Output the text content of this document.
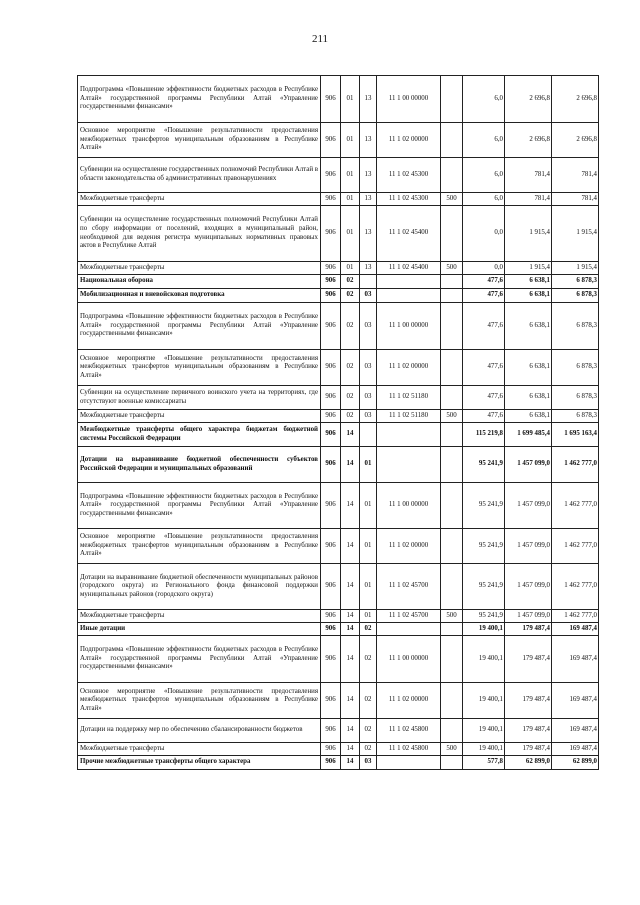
211
Подпрограмма «Повышение эффективности бюджетных расходов в Республике Алтай» государственной программы Республики Алтай «Управление государственными финансами»	906	01	13	11 1 00 00000		6,0	2 696,8	2 696,8
Основное мероприятие «Повышение результативности предоставления межбюджетных трансфертов муниципальным образованиям в Республике Алтай»	906	01	13	11 1 02 00000		6,0	2 696,8	2 696,8
Субвенции на осуществление государственных полномочий Республики Алтай в области законодательства об административных правонарушениях	906	01	13	11 1 02 45300		6,0	781,4	781,4
Межбюджетные трансферты	906	01	13	11 1 02 45300	500	6,0	781,4	781,4
Субвенции на осуществление государственных полномочий Республики Алтай по сбору информации от поселений, входящих в муниципальный район, необходимой для ведения регистра муниципальных нормативных правовых актов в Республике Алтай	906	01	13	11 1 02 45400		0,0	1 915,4	1 915,4
Межбюджетные трансферты	906	01	13	11 1 02 45400	500	0,0	1 915,4	1 915,4
Национальная оборона	906	02				477,6	6 638,1	6 878,3
Мобилизационная и вневойсковая подготовка	906	02	03			477,6	6 638,1	6 878,3
Подпрограмма «Повышение эффективности бюджетных расходов в Республике Алтай» государственной программы Республики Алтай «Управление государственными финансами»	906	02	03	11 1 00 00000		477,6	6 638,1	6 878,3
Основное мероприятие «Повышение результативности предоставления межбюджетных трансфертов муниципальным образованиям в Республике Алтай»	906	02	03	11 1 02 00000		477,6	6 638,1	6 878,3
Субвенции на осуществление первичного воинского учета на территориях, где отсутствуют военные комиссариаты	906	02	03	11 1 02 51180		477,6	6 638,1	6 878,3
Межбюджетные трансферты	906	02	03	11 1 02 51180	500	477,6	6 638,1	6 878,3
Межбюджетные трансферты общего характера бюджетам бюджетной системы Российской Федерации	906	14				115 219,8	1 699 485,4	1 695 163,4
Дотации на выравнивание бюджетной обеспеченности субъектов Российской Федерации и муниципальных образований	906	14	01			95 241,9	1 457 099,0	1 462 777,0
Подпрограмма «Повышение эффективности бюджетных расходов в Республике Алтай» государственной программы Республики Алтай «Управление государственными финансами»	906	14	01	11 1 00 00000		95 241,9	1 457 099,0	1 462 777,0
Основное мероприятие «Повышение результативности предоставления межбюджетных трансфертов муниципальным образованиям в Республике Алтай»	906	14	01	11 1 02 00000		95 241,9	1 457 099,0	1 462 777,0
Дотации на выравнивание бюджетной обеспеченности муниципальных районов (городского округа) из Регионального фонда финансовой поддержки муниципальных районов (городского округа)	906	14	01	11 1 02 45700		95 241,9	1 457 099,0	1 462 777,0
Межбюджетные трансферты	906	14	01	11 1 02 45700	500	95 241,9	1 457 099,0	1 462 777,0
Иные дотации	906	14	02			19 400,1	179 487,4	169 487,4
Подпрограмма «Повышение эффективности бюджетных расходов в Республике Алтай» государственной программы Республики Алтай «Управление государственными финансами»	906	14	02	11 1 00 00000		19 400,1	179 487,4	169 487,4
Основное мероприятие «Повышение результативности предоставления межбюджетных трансфертов муниципальным образованиям в Республике Алтай»	906	14	02	11 1 02 00000		19 400,1	179 487,4	169 487,4
Дотации на поддержку мер по обеспечению сбалансированности бюджетов	906	14	02	11 1 02 45800		19 400,1	179 487,4	169 487,4
Межбюджетные трансферты	906	14	02	11 1 02 45800	500	19 400,1	179 487,4	169 487,4
Прочие межбюджетные трансферты общего характера	906	14	03			577,8	62 899,0	62 899,0
